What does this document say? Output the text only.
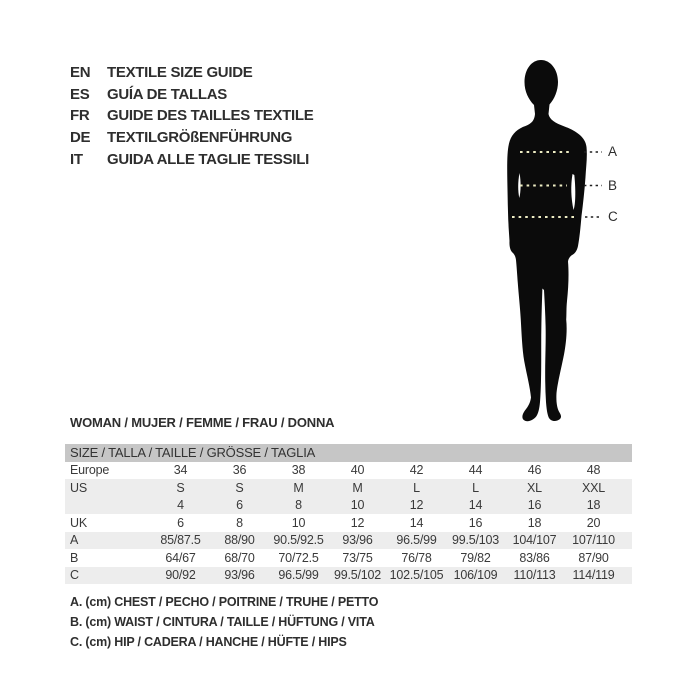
EN	TEXTILE SIZE GUIDE
ES	GUÍA DE TALLAS
FR	GUIDE DES TAILLES TEXTILE
DE	TEXTILGRÖßENFÜHRUNG
IT	GUIDA ALLE TAGLIE TESSILI	A
B
C
WOMAN / MUJER / FEMME / FRAU / DONNA
SIZE / TALLA / TAILLE / GRÖSSE / TAGLIA									
Europe	34	36	38	40	42	44	46	48	
US	S	S	M	M	L	L	XL	XXL	
	4	6	8	10	12	14	16	18	
UK	6	8	10	12	14	16	18	20	
A	85/87.5	88/90	90.5/92.5	93/96	96.5/99	99.5/103	104/107	107/110	
B	64/67	68/70	70/72.5	73/75	76/78	79/82	83/86	87/90	
C	90/92	93/96	96.5/99	99.5/102	102.5/105	106/109	110/113	114/119	
A. (cm) CHEST / PECHO / POITRINE / TRUHE / PETTO
B. (cm) WAIST / CINTURA / TAILLE / HÜFTUNG / VITA
C. (cm) HIP / CADERA / HANCHE / HÜFTE / HIPS
